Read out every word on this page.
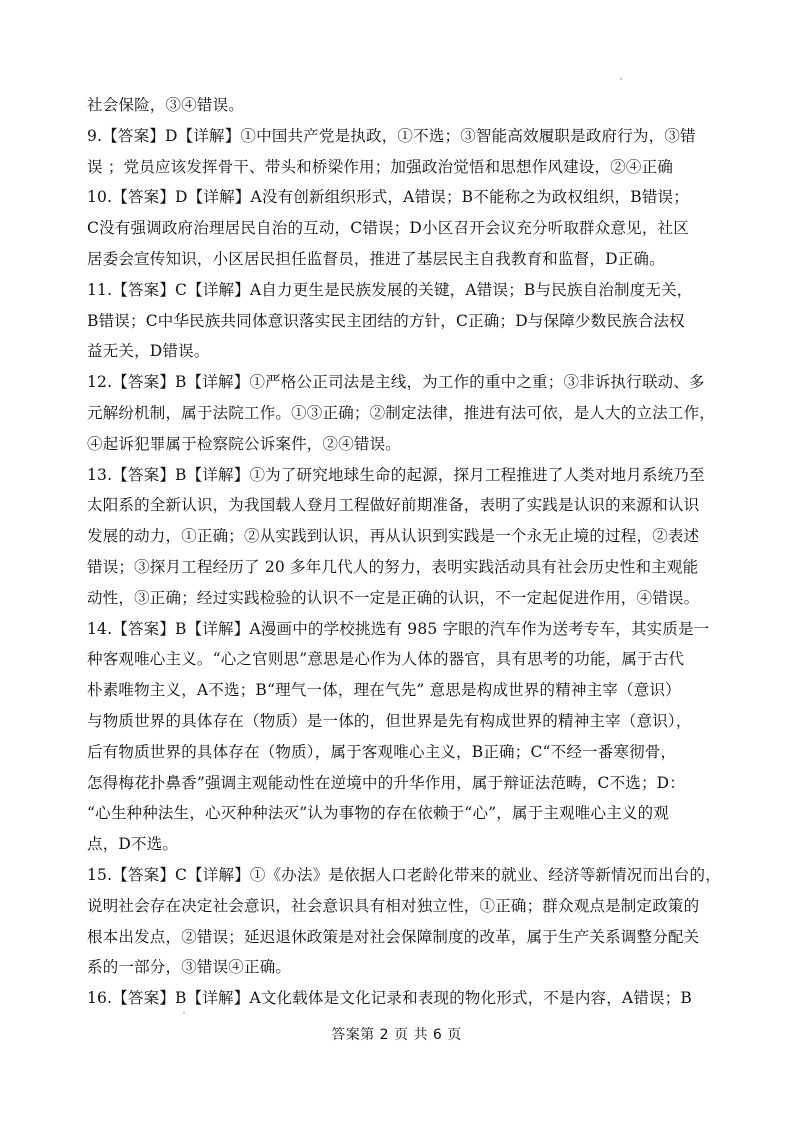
社会保险，③④错误。
9.【答案】D【详解】①中国共产党是执政，①不选；③智能高效履职是政府行为，③错
误 ；党员应该发挥骨干、带头和桥梁作用；加强政治觉悟和思想作风建设，②④正确
10.【答案】D【详解】A没有创新组织形式，A错误；B不能称之为政权组织，B错误；
C没有强调政府治理居民自治的互动，C错误；D小区召开会议充分听取群众意见，社区
居委会宣传知识，小区居民担任监督员，推进了基层民主自我教育和监督，D正确。
11.【答案】C【详解】A自力更生是民族发展的关键，A错误；B与民族自治制度无关，
B错误；C中华民族共同体意识落实民主团结的方针，C正确；D与保障少数民族合法权
益无关，D错误。
12.【答案】B【详解】①严格公正司法是主线，为工作的重中之重；③非诉执行联动、多
元解纷机制，属于法院工作。①③正确；②制定法律，推进有法可依，是人大的立法工作，
④起诉犯罪属于检察院公诉案件，②④错误。
13.【答案】B【详解】①为了研究地球生命的起源，探月工程推进了人类对地月系统乃至
太阳系的全新认识，为我国载人登月工程做好前期准备，表明了实践是认识的来源和认识
发展的动力，①正确；②从实践到认识，再从认识到实践是一个永无止境的过程，②表述
错误；③探月工程经历了 20 多年几代人的努力，表明实践活动具有社会历史性和主观能
动性，③正确；经过实践检验的认识不一定是正确的认识，不一定起促进作用，④错误。
14.【答案】B【详解】A漫画中的学校挑选有 985 字眼的汽车作为送考专车，其实质是一
种客观唯心主义。“心之官则思”意思是心作为人体的器官，具有思考的功能，属于古代
朴素唯物主义，A不选；B“理气一体，理在气先” 意思是构成世界的精神主宰（意识）
与物质世界的具体存在（物质）是一体的，但世界是先有构成世界的精神主宰（意识），
后有物质世界的具体存在（物质），属于客观唯心主义，B正确；C“不经一番寒彻骨，
怎得梅花扑鼻香”强调主观能动性在逆境中的升华作用，属于辩证法范畴，C不选；D：
“心生种种法生，心灭种种法灭”认为事物的存在依赖于“心”，属于主观唯心主义的观
点，D不选。
15.【答案】C【详解】①《办法》是依据人口老龄化带来的就业、经济等新情况而出台的，
说明社会存在决定社会意识，社会意识具有相对独立性，①正确；群众观点是制定政策的
根本出发点，②错误；延迟退休政策是对社会保障制度的改革，属于生产关系调整分配关
系的一部分，③错误④正确。
16.【答案】B【详解】A文化载体是文化记录和表现的物化形式，不是内容，A错误；B
答案第 2 页 共 6 页
